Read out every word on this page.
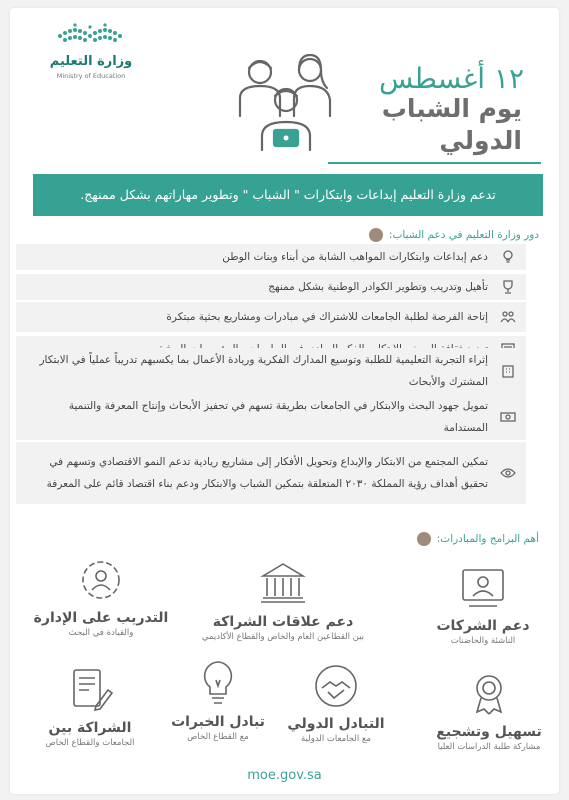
وزارة التعليم
Ministry of Education	١٢ أغسطس
يوم الشباب
الدولي
تدعم وزارة التعليم إبداعات وابتكارات " الشباب " وتطوير مهاراتهم بشكل ممنهج.
دور وزارة التعليم في دعم الشباب:
دعم إبداعات وابتكارات المواهب الشابة من أبناء وبنات الوطن
تأهيل وتدريب وتطوير الكوادر الوطنية بشكل ممنهج
إتاحة الفرصة لطلبة الجامعات للاشتراك في مبادرات ومشاريع بحثية مبتكرة
إثراء التجربة التعليمية للطلبة وتوسيع المدارك الفكرية وريادة الأعمال بما يكسبهم تدريباً عملياً في الابتكار المشترك والأبحاث
تمويل جهود البحث والابتكار في الجامعات بطريقة تسهم في تحفيز الأبحاث وإنتاج المعرفة والتنمية المستدامة
تمكين المجتمع من الابتكار والإبداع وتحويل الأفكار إلى مشاريع ريادية تدعم النمو الاقتصادي وتسهم في تحقيق أهداف رؤية المملكة ٢٠٣٠ المتعلقة بتمكين الشباب والابتكار ودعم بناء اقتصاد قائم على المعرفة
أهم البرامج والمبادرات:
دعم الشركات
الناشئة والحاضنات
دعم علاقات الشراكة
بين القطاعين العام والخاص والقطاع الأكاديمي
التدريب على الإدارة
والقيادة في البحث
تسهيل وتشجيع
مشاركة طلبة الدراسات العليا
التبادل الدولي
مع الجامعات الدولية
تبادل الخبرات
مع القطاع الخاص
الشراكة بين
الجامعات والقطاع الخاص
moe.gov.sa
